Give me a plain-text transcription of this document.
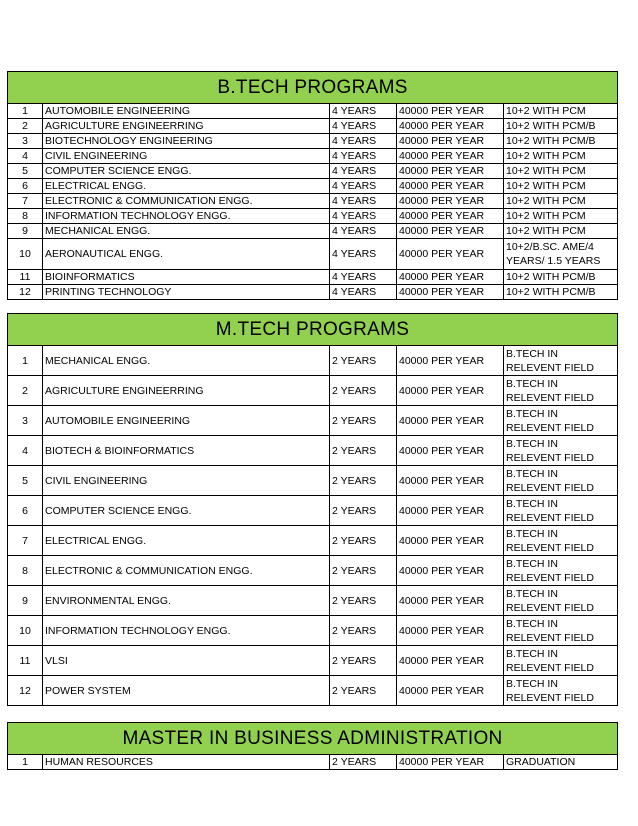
B.TECH PROGRAMS				
1	AUTOMOBILE ENGINEERING	4 YEARS	40000 PER YEAR	10+2 WITH PCM
2	AGRICULTURE ENGINEERRING	4 YEARS	40000 PER YEAR	10+2 WITH PCM/B
3	BIOTECHNOLOGY ENGINEERING	4 YEARS	40000 PER YEAR	10+2 WITH PCM/B
4	CIVIL ENGINEERING	4 YEARS	40000 PER YEAR	10+2 WITH PCM
5	COMPUTER SCIENCE ENGG.	4 YEARS	40000 PER YEAR	10+2 WITH PCM
6	ELECTRICAL ENGG.	4 YEARS	40000 PER YEAR	10+2 WITH PCM
7	ELECTRONIC & COMMUNICATION ENGG.	4 YEARS	40000 PER YEAR	10+2 WITH PCM
8	INFORMATION TECHNOLOGY ENGG.	4 YEARS	40000 PER YEAR	10+2 WITH PCM
9	MECHANICAL ENGG.	4 YEARS	40000 PER YEAR	10+2 WITH PCM
10	AERONAUTICAL ENGG.	4 YEARS	40000 PER YEAR	10+2/B.SC. AME/4 YEARS/ 1.5 YEARS
11	BIOINFORMATICS	4 YEARS	40000 PER YEAR	10+2 WITH PCM/B
12	PRINTING TECHNOLOGY	4 YEARS	40000 PER YEAR	10+2 WITH PCM/B
M.TECH PROGRAMS				
1	MECHANICAL ENGG.	2 YEARS	40000 PER YEAR	B.TECH IN RELEVENT FIELD
2	AGRICULTURE ENGINEERRING	2 YEARS	40000 PER YEAR	B.TECH IN RELEVENT FIELD
3	AUTOMOBILE ENGINEERING	2 YEARS	40000 PER YEAR	B.TECH IN RELEVENT FIELD
4	BIOTECH & BIOINFORMATICS	2 YEARS	40000 PER YEAR	B.TECH IN RELEVENT FIELD
5	CIVIL ENGINEERING	2 YEARS	40000 PER YEAR	B.TECH IN RELEVENT FIELD
6	COMPUTER SCIENCE ENGG.	2 YEARS	40000 PER YEAR	B.TECH IN RELEVENT FIELD
7	ELECTRICAL ENGG.	2 YEARS	40000 PER YEAR	B.TECH IN RELEVENT FIELD
8	ELECTRONIC & COMMUNICATION ENGG.	2 YEARS	40000 PER YEAR	B.TECH IN RELEVENT FIELD
9	ENVIRONMENTAL ENGG.	2 YEARS	40000 PER YEAR	B.TECH IN RELEVENT FIELD
10	INFORMATION TECHNOLOGY ENGG.	2 YEARS	40000 PER YEAR	B.TECH IN RELEVENT FIELD
11	VLSI	2 YEARS	40000 PER YEAR	B.TECH IN RELEVENT FIELD
12	POWER SYSTEM	2 YEARS	40000 PER YEAR	B.TECH IN RELEVENT FIELD
MASTER IN BUSINESS ADMINISTRATION
1	HUMAN RESOURCES	2 YEARS	40000 PER YEAR	GRADUATION
